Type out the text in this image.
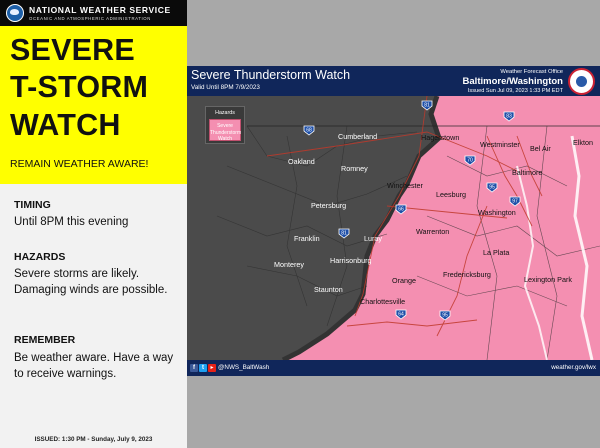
NATIONAL WEATHER SERVICE
OCEANIC AND ATMOSPHERIC ADMINISTRATION
SEVERE
T-STORM
WATCH
REMAIN WEATHER AWARE!
TIMING
Until 8PM this evening
HAZARDS
Severe storms are likely. Damaging winds are possible.
REMEMBER
Be weather aware. Have a way to receive warnings.
ISSUED: 1:30 PM - Sunday, July 9, 2023
Severe Thunderstorm Watch
Valid Until 8PM 7/9/2023
Weather Forecast Office
Baltimore/Washington
Issued Sun Jul 09, 2023 1:33 PM EDT
81
68
83
70
95
97
66
81
64	95
Hazards
Severe Thunderstorm Watch	Cumberland	Hagerstown
Westminster Bel Air
Elkton
Oakland
Romney	Baltimore
Winchester
Leesburg
Petersburg
Washington
Franklin	Luray
Warrenton
La Plata
Monterey	Harrisonburg
Fredericksburg
Orange	Lexington Park
Staunton
Charlottesville
f	t	▸ @NWS_BaltWash	weather.gov/lwx
